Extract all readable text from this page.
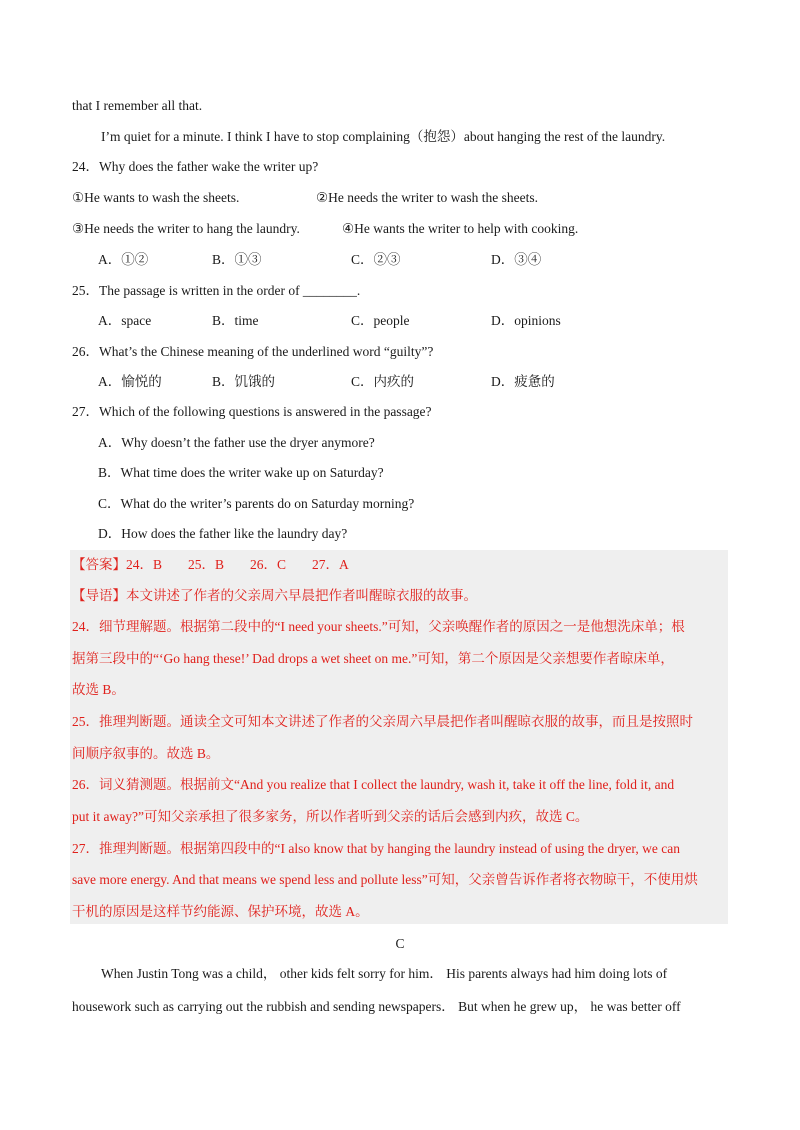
that I remember all that.
I’m quiet for a minute. I think I have to stop complaining（抱怨）about hanging the rest of the laundry.
24．Why does the father wake the writer up?
①He wants to wash the sheets.	②He needs the writer to wash the sheets.
③He needs the writer to hang the laundry.	④He wants the writer to help with cooking.
A．①②	B．①③	C．②③	D．③④
25．The passage is written in the order of ________.
A．space	B．time	C．people	D．opinions
26．What’s the Chinese meaning of the underlined word “guilty”?
A．愉悦的	B．饥饿的	C．内疚的	D．疲惫的
27．Which of the following questions is answered in the passage?
A．Why doesn’t the father use the dryer anymore?
B．What time does the writer wake up on Saturday?
C．What do the writer’s parents do on Saturday morning?
D．How does the father like the laundry day?
【答案】24．B 25．B 26．C 27．A
【导语】本文讲述了作者的父亲周六早晨把作者叫醒晾衣服的故事。
24．细节理解题。根据第二段中的“I need your sheets.”可知，父亲唤醒作者的原因之一是他想洗床单；根
据第三段中的“‘Go hang these!’ Dad drops a wet sheet on me.”可知，第二个原因是父亲想要作者晾床单，
故选 B。
25．推理判断题。通读全文可知本文讲述了作者的父亲周六早晨把作者叫醒晾衣服的故事，而且是按照时
间顺序叙事的。故选 B。
26．词义猜测题。根据前文“And you realize that I collect the laundry, wash it, take it off the line, fold it, and
put it away?”可知父亲承担了很多家务，所以作者听到父亲的话后会感到内疚，故选 C。
27．推理判断题。根据第四段中的“I also know that by hanging the laundry instead of using the dryer, we can
save more energy. And that means we spend less and pollute less”可知，父亲曾告诉作者将衣物晾干，不使用烘
干机的原因是这样节约能源、保护环境，故选 A。
C
When Justin Tong was a child， other kids felt sorry for him． His parents always had him doing lots of
housework such as carrying out the rubbish and sending newspapers． But when he grew up， he was better off
